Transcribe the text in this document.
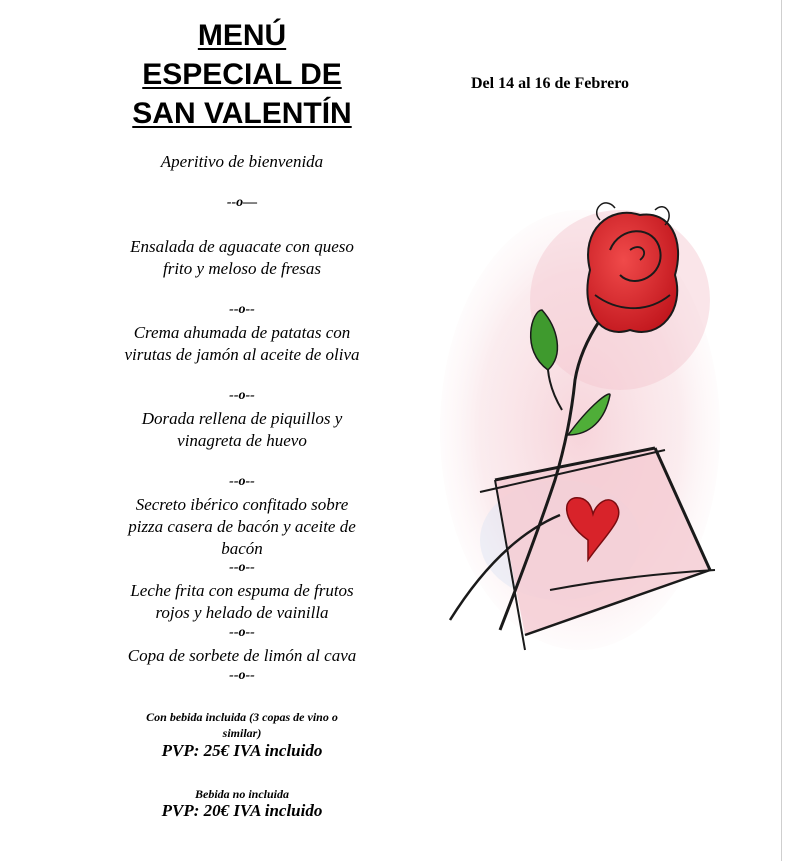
MENÚ
ESPECIAL DE
SAN VALENTÍN
Del 14 al 16 de Febrero
Aperitivo de bienvenida
--o—
Ensalada de aguacate con queso
frito y meloso de fresas
--o--
Crema ahumada de patatas con
virutas de jamón al aceite de oliva
--o--
Dorada rellena de piquillos y
vinagreta de huevo
--o--
Secreto ibérico confitado sobre
pizza casera de bacón y aceite de
bacón
--o--
Leche frita con espuma de frutos
rojos y helado de vainilla
--o--
Copa de sorbete de limón al cava
--o--
Con bebida incluida (3 copas de vino o
similar)
PVP: 25€ IVA incluido
Bebida no incluida
PVP: 20€ IVA incluido
